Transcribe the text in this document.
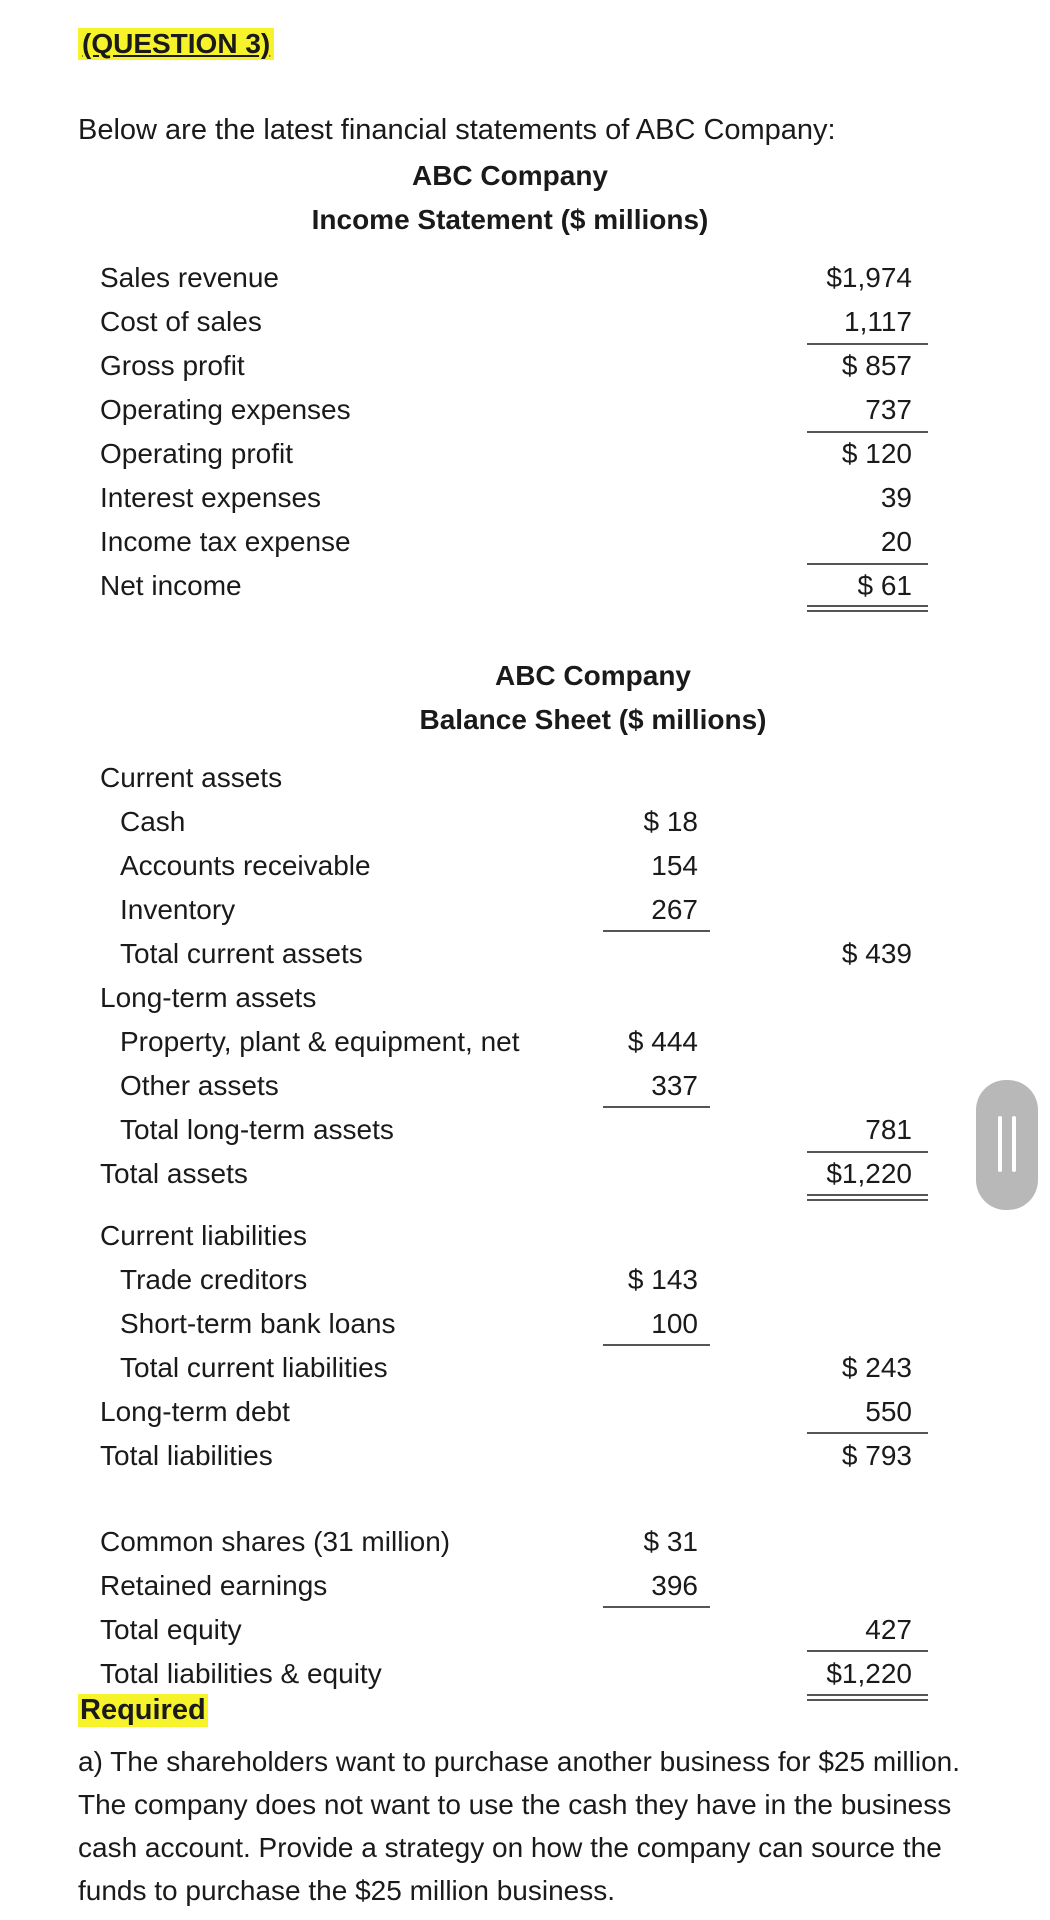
(QUESTION 3)
Below are the latest financial statements of ABC Company:
ABC Company
Income Statement ($ millions)
Sales revenue	$1,974
Cost of sales	1,117
Gross profit	$ 857
Operating expenses	737
Operating profit	$ 120
Interest expenses	39
Income tax expense	20
Net income	$ 61
ABC Company
Balance Sheet ($ millions)
Current assets
Cash	$ 18
Accounts receivable	154
Inventory	267
Total current assets	$ 439
Long-term assets
Property, plant & equipment, net	$ 444
Other assets	337
Total long-term assets	781
Total assets	$1,220
Current liabilities
Trade creditors	$ 143
Short-term bank loans	100
Total current liabilities	$ 243
Long-term debt	550
Total liabilities	$ 793
Common shares (31 million)	$ 31
Retained earnings	396
Total equity	427
Total liabilities & equity	$1,220
Required
a) The shareholders want to purchase another business for $25 million. The company does not want to use the cash they have in the business cash account. Provide a strategy on how the company can source the funds to purchase the $25 million business.
